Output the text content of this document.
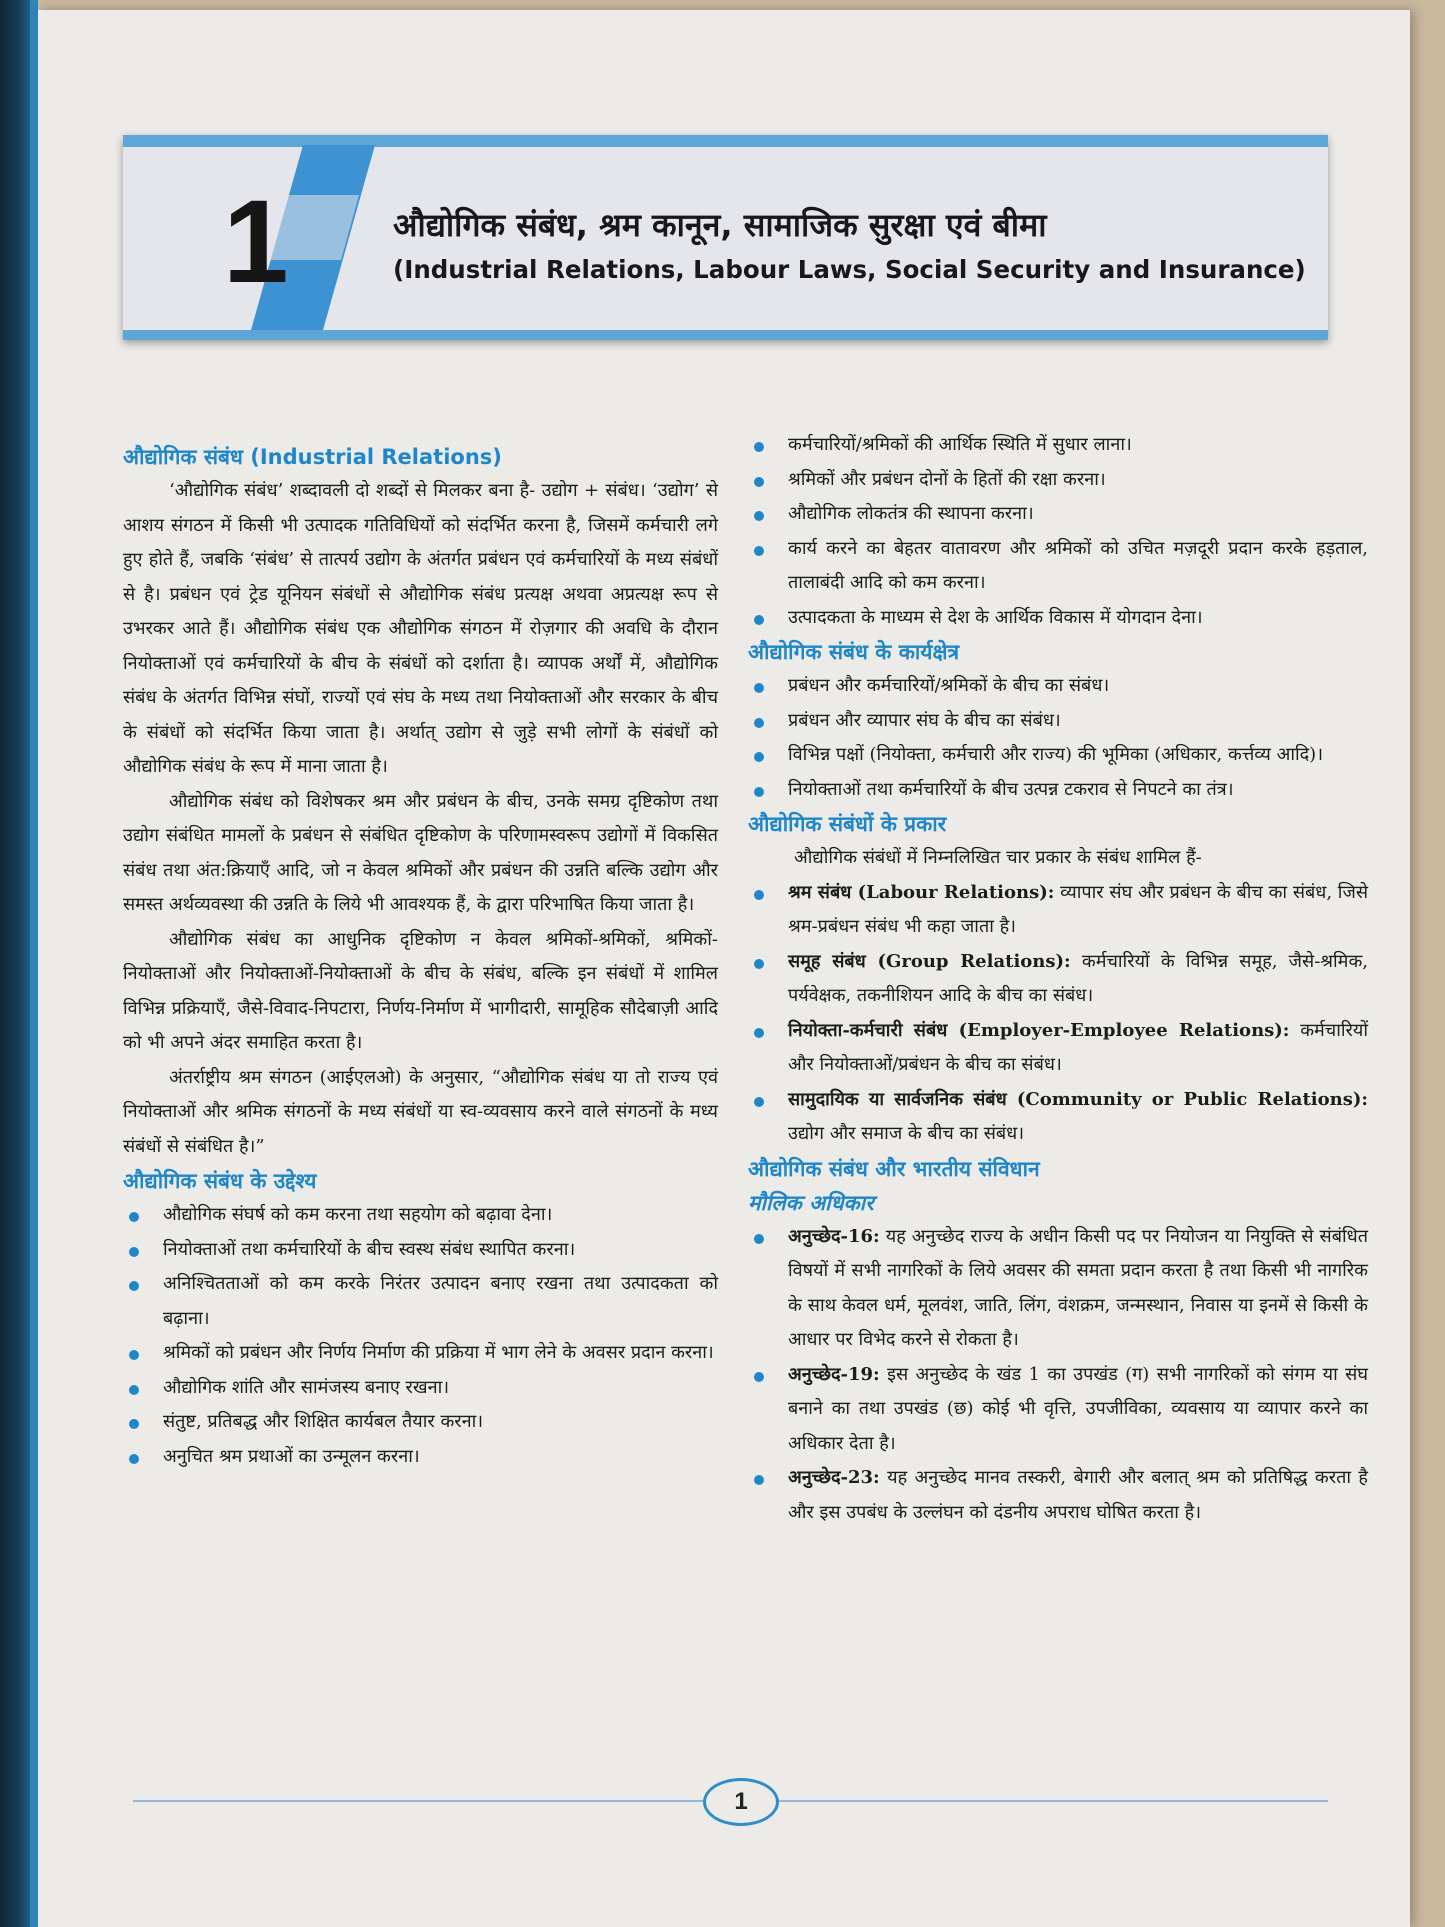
1	औद्योगिक संबंध, श्रम कानून, सामाजिक सुरक्षा एवं बीमा
(Industrial Relations, Labour Laws, Social Security and Insurance)
औद्योगिक संबंध (Industrial Relations)

‘औद्योगिक संबंध’ शब्दावली दो शब्दों से मिलकर बना है- उद्योग + संबंध। ‘उद्योग’ से आशय संगठन में किसी भी उत्पादक गतिविधियों को संदर्भित करना है, जिसमें कर्मचारी लगे हुए होते हैं, जबकि ‘संबंध’ से तात्पर्य उद्योग के अंतर्गत प्रबंधन एवं कर्मचारियों के मध्य संबंधों से है। प्रबंधन एवं ट्रेड यूनियन संबंधों से औद्योगिक संबंध प्रत्यक्ष अथवा अप्रत्यक्ष रूप से उभरकर आते हैं। औद्योगिक संबंध एक औद्योगिक संगठन में रोज़गार की अवधि के दौरान नियोक्ताओं एवं कर्मचारियों के बीच के संबंधों को दर्शाता है। व्यापक अर्थों में, औद्योगिक संबंध के अंतर्गत विभिन्न संघों, राज्यों एवं संघ के मध्य तथा नियोक्ताओं और सरकार के बीच के संबंधों को संदर्भित किया जाता है। अर्थात् उद्योग से जुड़े सभी लोगों के संबंधों को औद्योगिक संबंध के रूप में माना जाता है।

औद्योगिक संबंध को विशेषकर श्रम और प्रबंधन के बीच, उनके समग्र दृष्टिकोण तथा उद्योग संबंधित मामलों के प्रबंधन से संबंधित दृष्टिकोण के परिणामस्वरूप उद्योगों में विकसित संबंध तथा अंत:क्रियाएँ आदि, जो न केवल श्रमिकों और प्रबंधन की उन्नति बल्कि उद्योग और समस्त अर्थव्यवस्था की उन्नति के लिये भी आवश्यक हैं, के द्वारा परिभाषित किया जाता है।

औद्योगिक संबंध का आधुनिक दृष्टिकोण न केवल श्रमिकों-श्रमिकों, श्रमिकों-नियोक्ताओं और नियोक्ताओं-नियोक्ताओं के बीच के संबंध, बल्कि इन संबंधों में शामिल विभिन्न प्रक्रियाएँ, जैसे-विवाद-निपटारा, निर्णय-निर्माण में भागीदारी, सामूहिक सौदेबाज़ी आदि को भी अपने अंदर समाहित करता है।

अंतर्राष्ट्रीय श्रम संगठन (आईएलओ) के अनुसार, “औद्योगिक संबंध या तो राज्य एवं नियोक्ताओं और श्रमिक संगठनों के मध्य संबंधों या स्व-व्यवसाय करने वाले संगठनों के मध्य संबंधों से संबंधित है।”

औद्योगिक संबंध के उद्देश्य
औद्योगिक संघर्ष को कम करना तथा सहयोग को बढ़ावा देना।
नियोक्ताओं तथा कर्मचारियों के बीच स्वस्थ संबंध स्थापित करना।
अनिश्चितताओं को कम करके निरंतर उत्पादन बनाए रखना तथा उत्पादकता को बढ़ाना।
श्रमिकों को प्रबंधन और निर्णय निर्माण की प्रक्रिया में भाग लेने के अवसर प्रदान करना।
औद्योगिक शांति और सामंजस्य बनाए रखना।
संतुष्ट, प्रतिबद्ध और शिक्षित कार्यबल तैयार करना।
अनुचित श्रम प्रथाओं का उन्मूलन करना।
कर्मचारियों/श्रमिकों की आर्थिक स्थिति में सुधार लाना।
श्रमिकों और प्रबंधन दोनों के हितों की रक्षा करना।
औद्योगिक लोकतंत्र की स्थापना करना।
कार्य करने का बेहतर वातावरण और श्रमिकों को उचित मज़दूरी प्रदान करके हड़ताल, तालाबंदी आदि को कम करना।
उत्पादकता के माध्यम से देश के आर्थिक विकास में योगदान देना।
औद्योगिक संबंध के कार्यक्षेत्र
प्रबंधन और कर्मचारियों/श्रमिकों के बीच का संबंध।
प्रबंधन और व्यापार संघ के बीच का संबंध।
विभिन्न पक्षों (नियोक्ता, कर्मचारी और राज्य) की भूमिका (अधिकार, कर्त्तव्य आदि)।
नियोक्ताओं तथा कर्मचारियों के बीच उत्पन्न टकराव से निपटने का तंत्र।
औद्योगिक संबंधों के प्रकार

औद्योगिक संबंधों में निम्नलिखित चार प्रकार के संबंध शामिल हैं-

श्रम संबंध (Labour Relations): व्यापार संघ और प्रबंधन के बीच का संबंध, जिसे श्रम-प्रबंधन संबंध भी कहा जाता है।
समूह संबंध (Group Relations): कर्मचारियों के विभिन्न समूह, जैसे-श्रमिक, पर्यवेक्षक, तकनीशियन आदि के बीच का संबंध।
नियोक्ता-कर्मचारी संबंध (Employer-Employee Relations): कर्मचारियों और नियोक्ताओं/प्रबंधन के बीच का संबंध।
सामुदायिक या सार्वजनिक संबंध (Community or Public Relations): उद्योग और समाज के बीच का संबंध।
औद्योगिक संबंध और भारतीय संविधान
मौलिक अधिकार
अनुच्छेद-16: यह अनुच्छेद राज्य के अधीन किसी पद पर नियोजन या नियुक्ति से संबंधित विषयों में सभी नागरिकों के लिये अवसर की समता प्रदान करता है तथा किसी भी नागरिक के साथ केवल धर्म, मूलवंश, जाति, लिंग, वंशक्रम, जन्मस्थान, निवास या इनमें से किसी के आधार पर विभेद करने से रोकता है।
अनुच्छेद-19: इस अनुच्छेद के खंड 1 का उपखंड (ग) सभी नागरिकों को संगम या संघ बनाने का तथा उपखंड (छ) कोई भी वृत्ति, उपजीविका, व्यवसाय या व्यापार करने का अधिकार देता है।
अनुच्छेद-23: यह अनुच्छेद मानव तस्करी, बेगारी और बलात् श्रम को प्रतिषिद्ध करता है और इस उपबंध के उल्लंघन को दंडनीय अपराध घोषित करता है।
1
